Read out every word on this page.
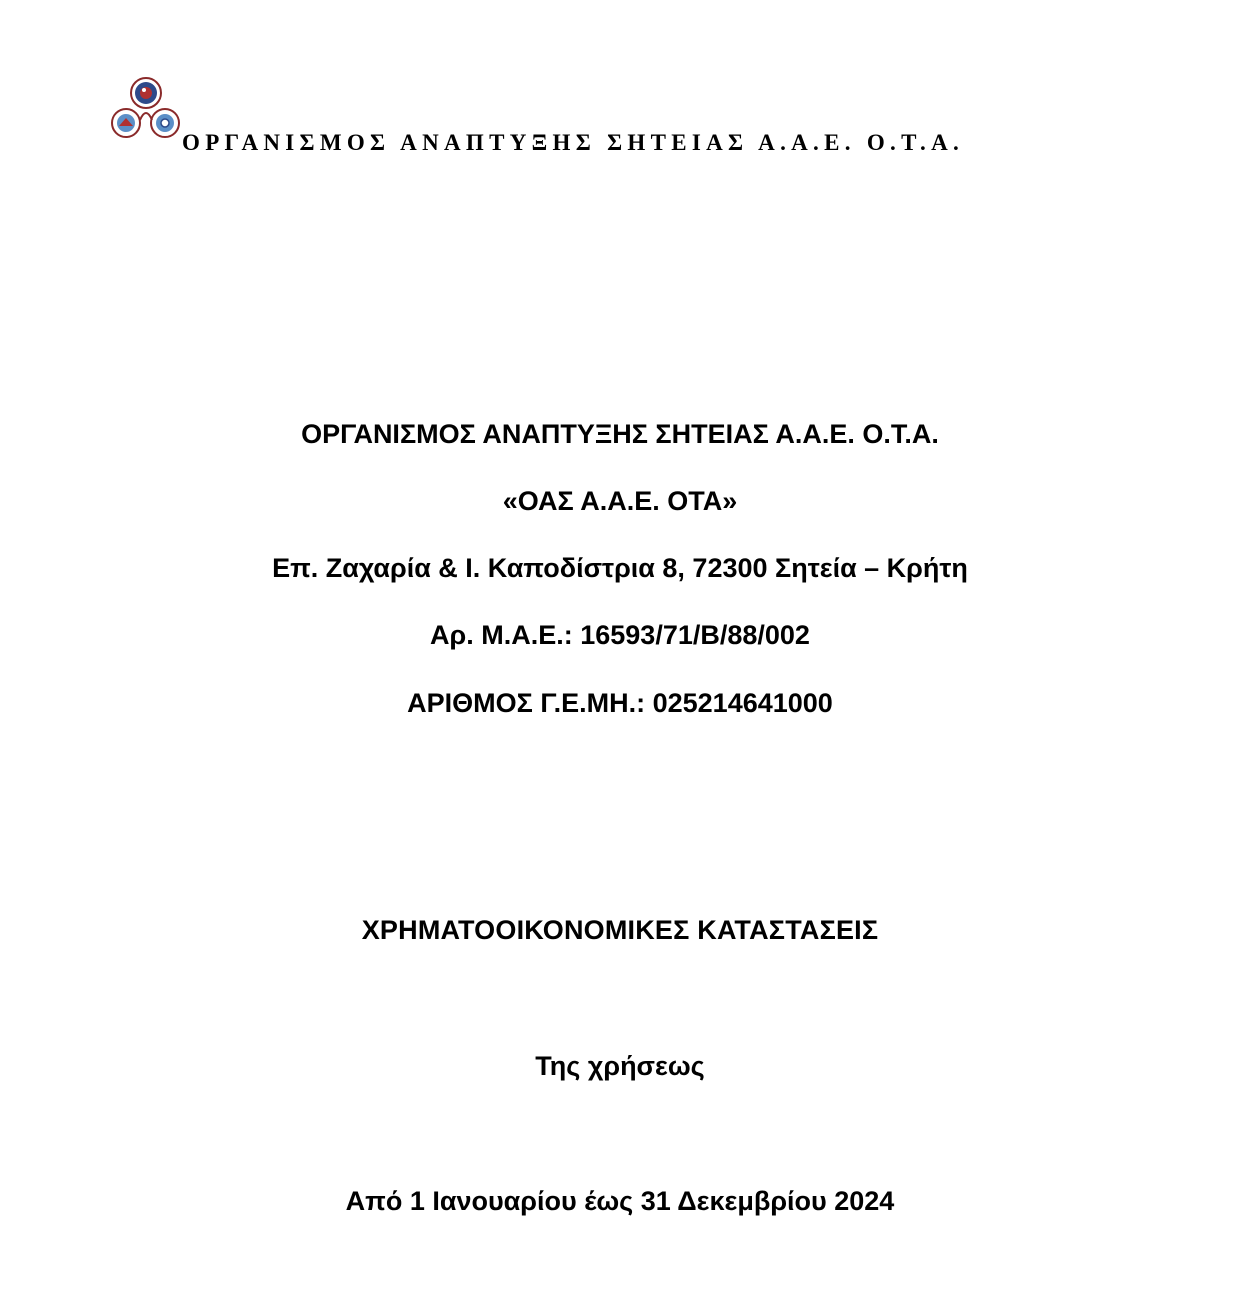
ΟΡΓΑΝΙΣΜΟΣ ΑΝΑΠΤΥΞΗΣ ΣΗΤΕΙΑΣ Α.Α.Ε. Ο.Τ.Α.
ΟΡΓΑΝΙΣΜΟΣ ΑΝΑΠΤΥΞΗΣ ΣΗΤΕΙΑΣ Α.Α.Ε. Ο.Τ.Α.
«ΟΑΣ Α.Α.Ε. ΟΤΑ»
Επ. Ζαχαρία & Ι. Καποδίστρια 8, 72300 Σητεία – Κρήτη
Αρ. Μ.Α.Ε.: 16593/71/Β/88/002
ΑΡΙΘΜΟΣ Γ.Ε.ΜΗ.: 025214641000
ΧΡΗΜΑΤΟΟΙΚΟΝΟΜΙΚΕΣ ΚΑΤΑΣΤΑΣΕΙΣ
Της χρήσεως
Από 1 Ιανουαρίου έως 31 Δεκεμβρίου 2024
